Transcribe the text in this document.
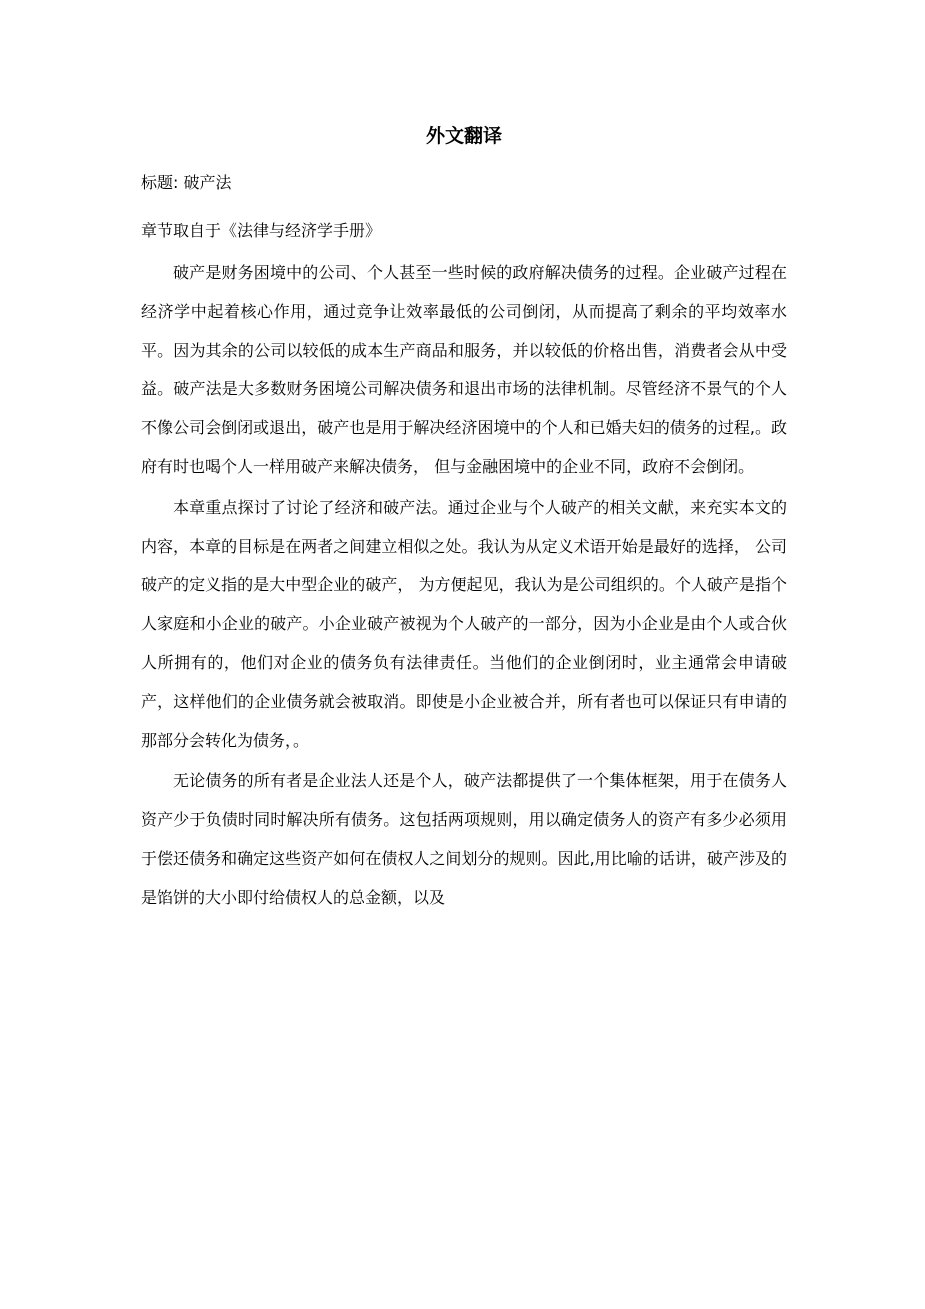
外文翻译

标题: 破产法

章节取自于《法律与经济学手册》

破产是财务困境中的公司、个人甚至一些时候的政府解决债务的过程。企业破产过程在经济学中起着核心作用，通过竞争让效率最低的公司倒闭，从而提高了剩余的平均效率水平。因为其余的公司以较低的成本生产商品和服务，并以较低的价格出售，消费者会从中受益。破产法是大多数财务困境公司解决债务和退出市场的法律机制。尽管经济不景气的个人不像公司会倒闭或退出，破产也是用于解决经济困境中的个人和已婚夫妇的债务的过程,。政府有时也喝个人一样用破产来解决债务， 但与金融困境中的企业不同，政府不会倒闭。

本章重点探讨了讨论了经济和破产法。通过企业与个人破产的相关文献，来充实本文的内容，本章的目标是在两者之间建立相似之处。我认为从定义术语开始是最好的选择， 公司破产的定义指的是大中型企业的破产， 为方便起见，我认为是公司组织的。个人破产是指个人家庭和小企业的破产。小企业破产被视为个人破产的一部分，因为小企业是由个人或合伙人所拥有的，他们对企业的债务负有法律责任。当他们的企业倒闭时，业主通常会申请破产，这样他们的企业债务就会被取消。即使是小企业被合并，所有者也可以保证只有申请的那部分会转化为债务，。

无论债务的所有者是企业法人还是个人，破产法都提供了一个集体框架，用于在债务人资产少于负债时同时解决所有债务。这包括两项规则，用以确定债务人的资产有多少必须用于偿还债务和确定这些资产如何在债权人之间划分的规则。因此,用比喻的话讲，破产涉及的是馅饼的大小即付给债权人的总金额，以及
